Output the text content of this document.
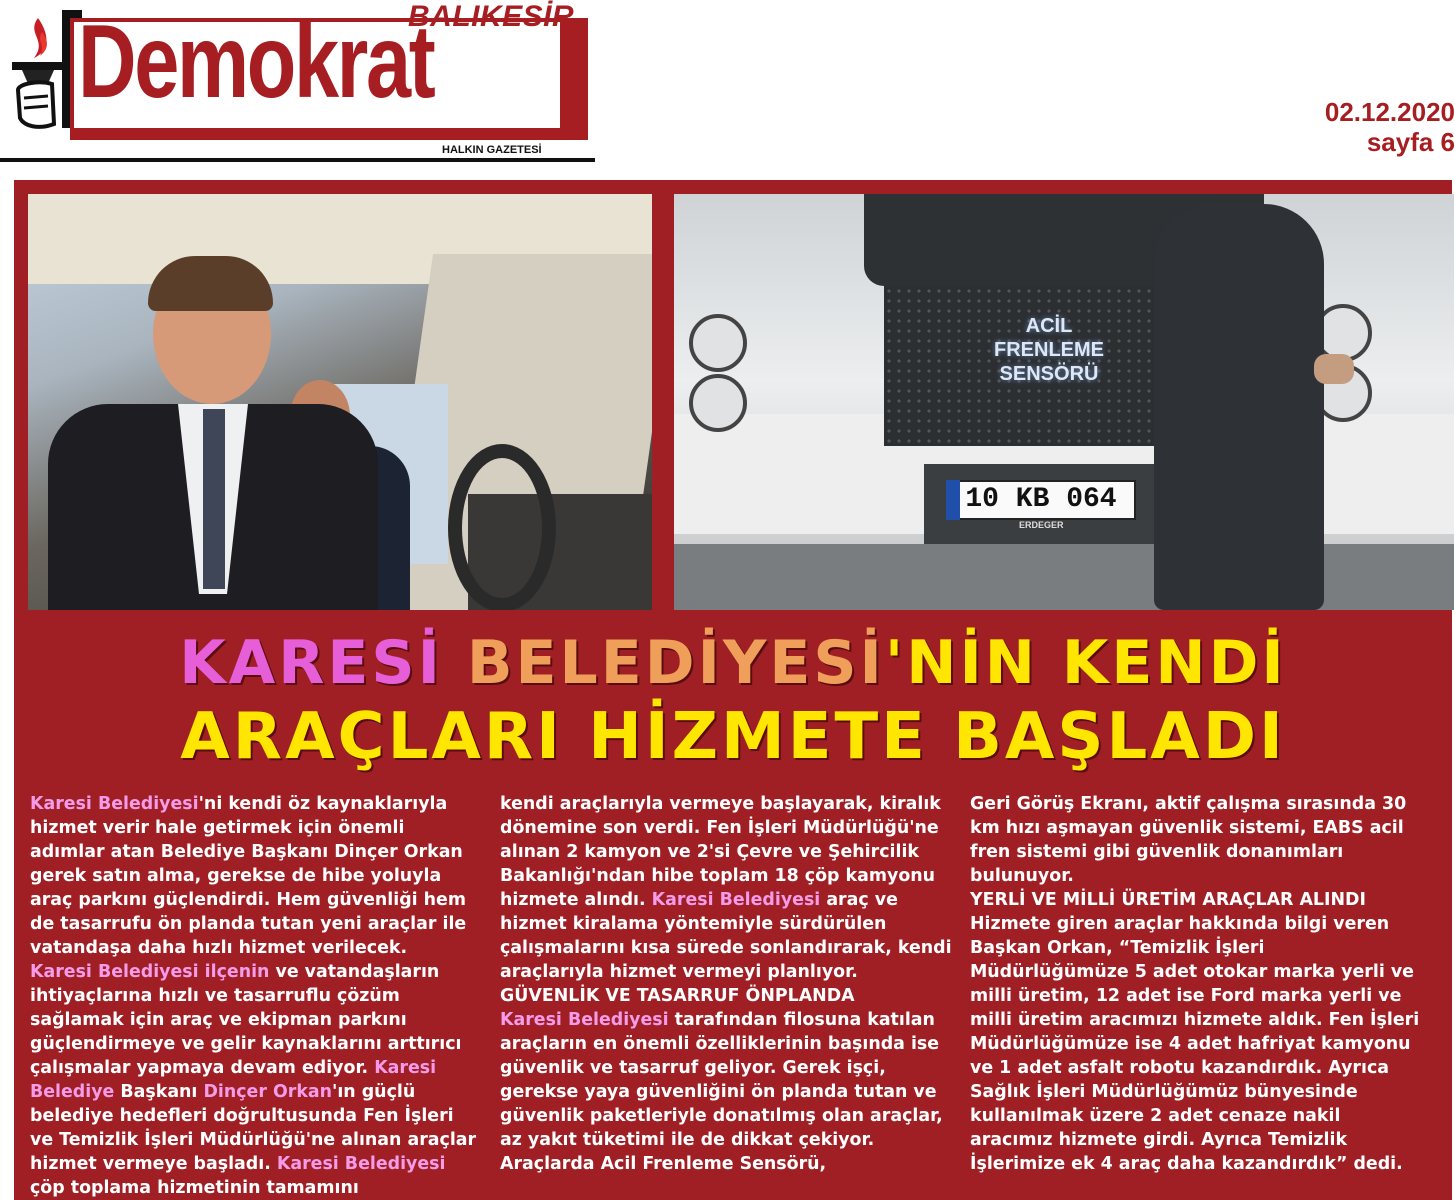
Demokrat
BALIKESİR
HALKIN GAZETESİ
02.12.2020
sayfa 6
ACİL
FRENLEME
SENSÖRÜ
10 KB 064
ERDEGER
KARESİ BELEDİYESİ'NİN KENDİ
ARAÇLARI HİZMETE BAŞLADI

Karesi Belediyesi'ni kendi öz kaynaklarıyla hizmet verir hale getirmek için önemli adımlar atan Belediye Başkanı Dinçer Orkan gerek satın alma, gerekse de hibe yoluyla araç parkını güçlendirdi. Hem güvenliği hem de tasarrufu ön planda tutan yeni araçlar ile vatandaşa daha hızlı hizmet verilecek.

Karesi Belediyesi ilçenin ve vatandaşların ihtiyaçlarına hızlı ve tasarruflu çözüm sağlamak için araç ve ekipman parkını güçlendirmeye ve gelir kaynaklarını arttırıcı çalışmalar yapmaya devam ediyor. Karesi Belediye Başkanı Dinçer Orkan'ın güçlü belediye hedefleri doğrultusunda Fen İşleri ve Temizlik İşleri Müdürlüğü'ne alınan araçlar hizmet vermeye başladı. Karesi Belediyesi çöp toplama hizmetinin tamamını

kendi araçlarıyla vermeye başlayarak, kiralık dönemine son verdi. Fen İşleri Müdürlüğü'ne alınan 2 kamyon ve 2'si Çevre ve Şehircilik Bakanlığı'ndan hibe toplam 18 çöp kamyonu hizmete alındı. Karesi Belediyesi araç ve hizmet kiralama yöntemiyle sürdürülen çalışmalarını kısa sürede sonlandırarak, kendi araçlarıyla hizmet vermeyi planlıyor.

GÜVENLİK VE TASARRUF ÖNPLANDA

Karesi Belediyesi tarafından filosuna katılan araçların en önemli özelliklerinin başında ise güvenlik ve tasarruf geliyor. Gerek işçi, gerekse yaya güvenliğini ön planda tutan ve güvenlik paketleriyle donatılmış olan araçlar, az yakıt tüketimi ile de dikkat çekiyor. Araçlarda Acil Frenleme Sensörü,

Geri Görüş Ekranı, aktif çalışma sırasında 30 km hızı aşmayan güvenlik sistemi, EABS acil fren sistemi gibi güvenlik donanımları bulunuyor.

YERLİ VE MİLLİ ÜRETİM ARAÇLAR ALINDI

Hizmete giren araçlar hakkında bilgi veren Başkan Orkan, “Temizlik İşleri Müdürlüğümüze 5 adet otokar marka yerli ve milli üretim, 12 adet ise Ford marka yerli ve milli üretim aracımızı hizmete aldık. Fen İşleri Müdürlüğümüze ise 4 adet hafriyat kamyonu ve 1 adet asfalt robotu kazandırdık. Ayrıca Sağlık İşleri Müdürlüğümüz bünyesinde kullanılmak üzere 2 adet cenaze nakil aracımız hizmete girdi. Ayrıca Temizlik İşlerimize ek 4 araç daha kazandırdık” dedi.
